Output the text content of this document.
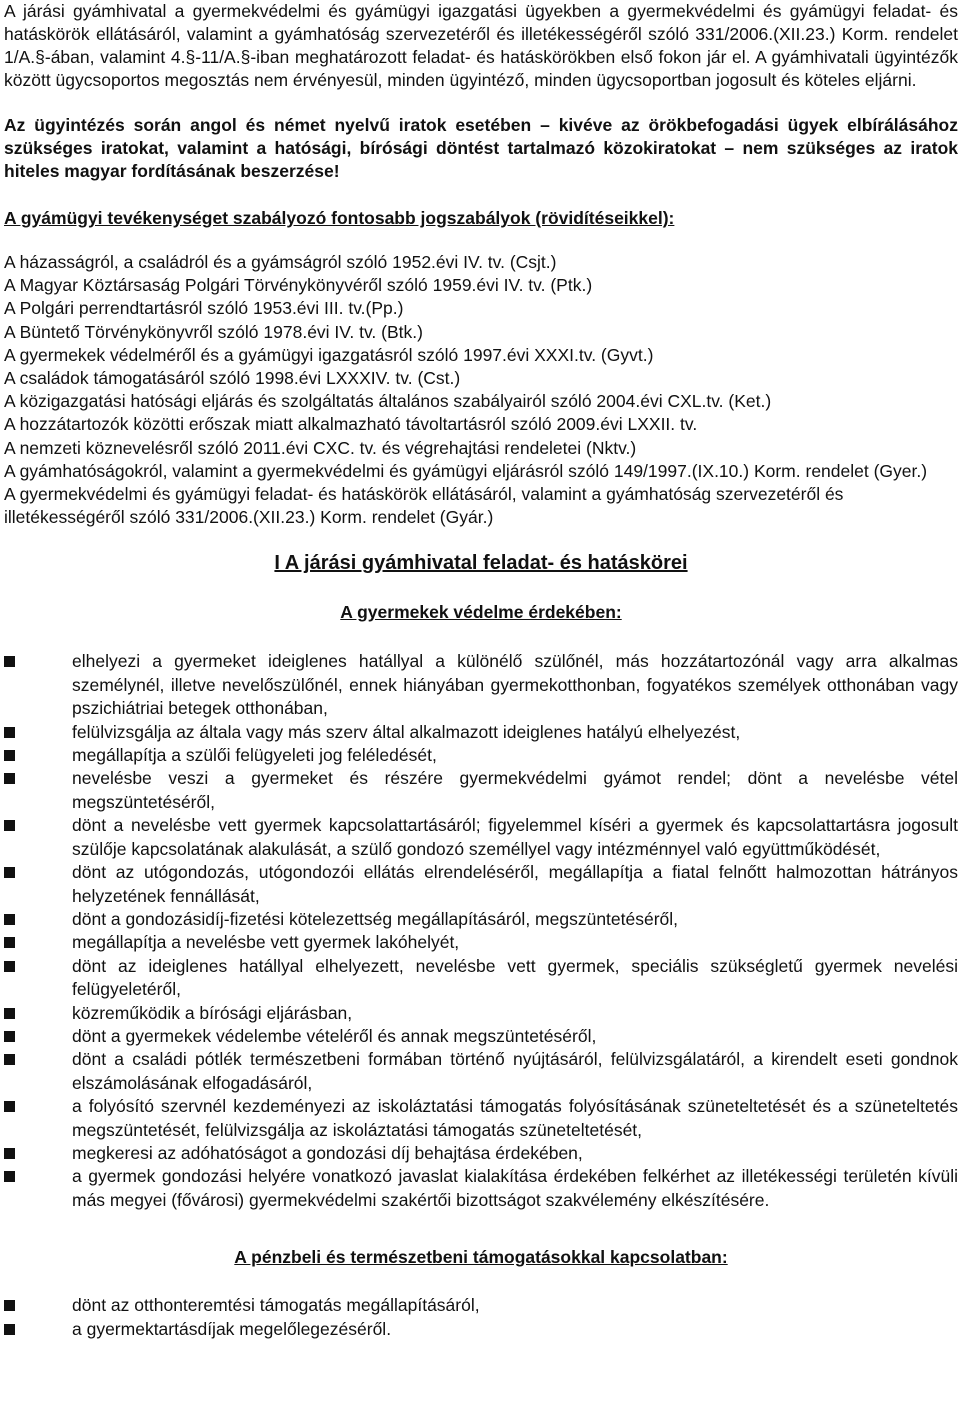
A járási gyámhivatal a gyermekvédelmi és gyámügyi igazgatási ügyekben a gyermekvédelmi és gyámügyi feladat- és hatáskörök ellátásáról, valamint a gyámhatóság szervezetéről és illetékességéről szóló 331/2006.(XII.23.) Korm. rendelet 1/A.§-ában, valamint 4.§-11/A.§-iban meghatározott feladat- és hatáskörökben első fokon jár el. A gyámhivatali ügyintézők között ügycsoportos megosztás nem érvényesül, minden ügyintéző, minden ügycsoportban jogosult és köteles eljárni.

Az ügyintézés során angol és német nyelvű iratok esetében – kivéve az örökbefogadási ügyek elbírálásához szükséges iratokat, valamint a hatósági, bírósági döntést tartalmazó közokiratokat – nem szükséges az iratok hiteles magyar fordításának beszerzése!

A gyámügyi tevékenységet szabályozó fontosabb jogszabályok (rövidítéseikkel):

A házasságról, a családról és a gyámságról szóló 1952.évi IV. tv. (Csjt.)

A Magyar Köztársaság Polgári Törvénykönyvéről szóló 1959.évi IV. tv. (Ptk.)

A Polgári perrendtartásról szóló 1953.évi III. tv.(Pp.)

A Büntető Törvénykönyvről szóló 1978.évi IV. tv. (Btk.)

A gyermekek védelméről és a gyámügyi igazgatásról szóló 1997.évi XXXI.tv. (Gyvt.)

A családok támogatásáról szóló 1998.évi LXXXIV. tv. (Cst.)

A közigazgatási hatósági eljárás és szolgáltatás általános szabályairól szóló 2004.évi CXL.tv. (Ket.)

A hozzátartozók közötti erőszak miatt alkalmazható távoltartásról szóló 2009.évi LXXII. tv.

A nemzeti köznevelésről szóló 2011.évi CXC. tv. és végrehajtási rendeletei (Nktv.)

A gyámhatóságokról, valamint a gyermekvédelmi és gyámügyi eljárásról szóló 149/1997.(IX.10.) Korm. rendelet (Gyer.)

A gyermekvédelmi és gyámügyi feladat- és hatáskörök ellátásáról, valamint a gyámhatóság szervezetéről és illetékességéről szóló 331/2006.(XII.23.) Korm. rendelet (Gyár.)

I A járási gyámhivatal feladat- és hatáskörei

A gyermekek védelme érdekében:

elhelyezi a gyermeket ideiglenes hatállyal a különélő szülőnél, más hozzátartozónál vagy arra alkalmas személynél, illetve nevelőszülőnél, ennek hiányában gyermekotthonban, fogyatékos személyek otthonában vagy pszichiátriai betegek otthonában,
felülvizsgálja az általa vagy más szerv által alkalmazott ideiglenes hatályú elhelyezést,
megállapítja a szülői felügyeleti jog feléledését,
nevelésbe veszi a gyermeket és részére gyermekvédelmi gyámot rendel; dönt a nevelésbe vétel megszüntetéséről,
dönt a nevelésbe vett gyermek kapcsolattartásáról; figyelemmel kíséri a gyermek és kapcsolattartásra jogosult szülője kapcsolatának alakulását, a szülő gondozó személlyel vagy intézménnyel való együttműködését,
dönt az utógondozás, utógondozói ellátás elrendeléséről, megállapítja a fiatal felnőtt halmozottan hátrányos helyzetének fennállását,
dönt a gondozásidíj-fizetési kötelezettség megállapításáról, megszüntetéséről,
megállapítja a nevelésbe vett gyermek lakóhelyét,
dönt az ideiglenes hatállyal elhelyezett, nevelésbe vett gyermek, speciális szükségletű gyermek nevelési felügyeletéről,
közreműködik a bírósági eljárásban,
dönt a gyermekek védelembe vételéről és annak megszüntetéséről,
dönt a családi pótlék természetbeni formában történő nyújtásáról, felülvizsgálatáról, a kirendelt eseti gondnok elszámolásának elfogadásáról,
a folyósító szervnél kezdeményezi az iskoláztatási támogatás folyósításának szüneteltetését és a szüneteltetés megszüntetését, felülvizsgálja az iskoláztatási támogatás szüneteltetését,
megkeresi az adóhatóságot a gondozási díj behajtása érdekében,
a gyermek gondozási helyére vonatkozó javaslat kialakítása érdekében felkérhet az illetékességi területén kívüli más megyei (fővárosi) gyermekvédelmi szakértői bizottságot szakvélemény elkészítésére.

A pénzbeli és természetbeni támogatásokkal kapcsolatban:

dönt az otthonteremtési támogatás megállapításáról,
a gyermektartásdíjak megelőlegezéséről.
